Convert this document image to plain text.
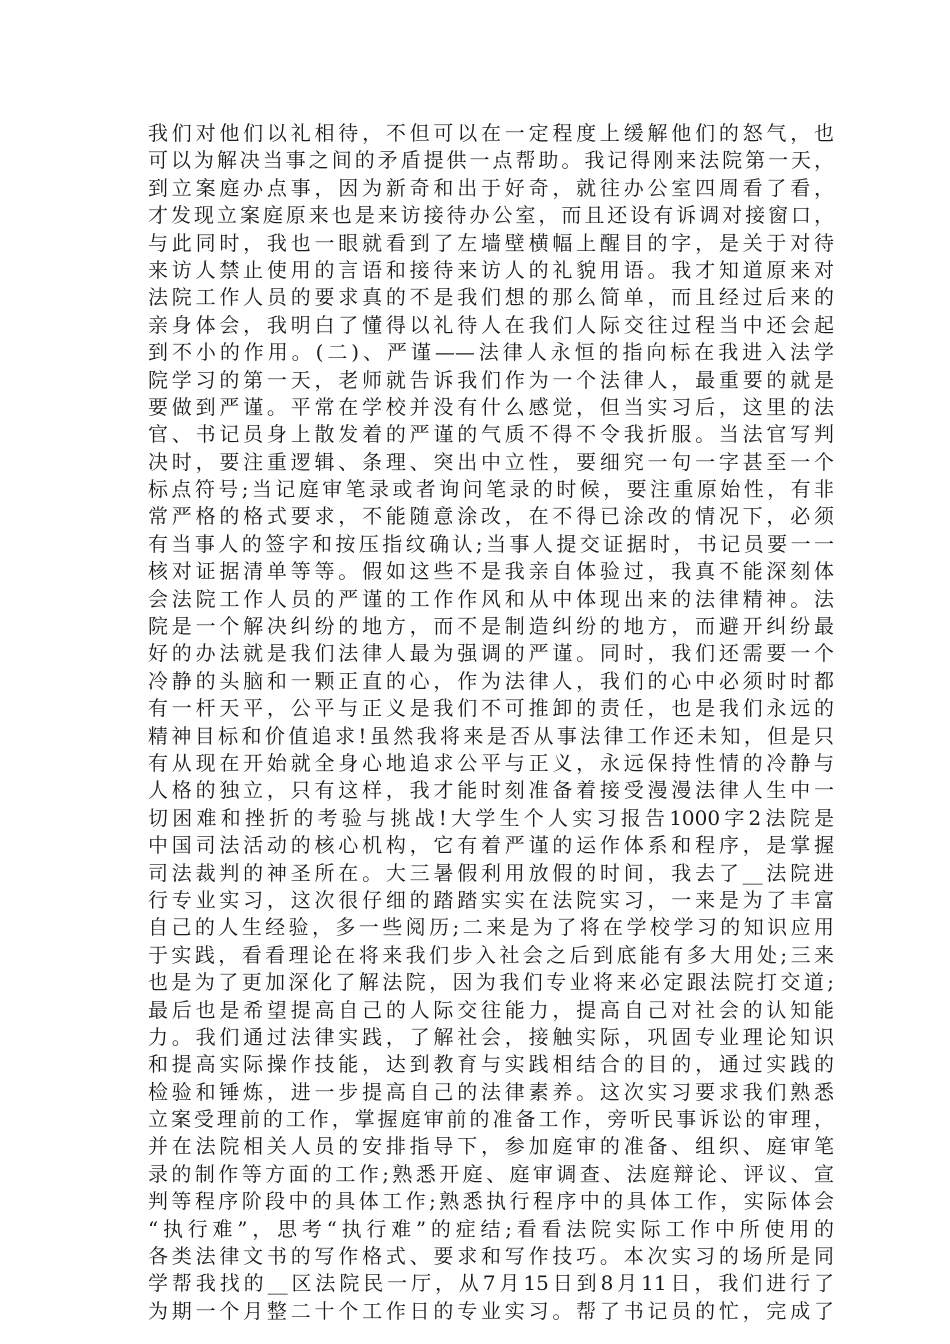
我们对他们以礼相待，不但可以在一定程度上缓解他们的怒气，也
可以为解决当事之间的矛盾提供一点帮助。我记得刚来法院第一天，
到立案庭办点事，因为新奇和出于好奇，就往办公室四周看了看，
才发现立案庭原来也是来访接待办公室，而且还设有诉调对接窗口，
与此同时，我也一眼就看到了左墙壁横幅上醒目的字，是关于对待
来访人禁止使用的言语和接待来访人的礼貌用语。我才知道原来对
法院工作人员的要求真的不是我们想的那么简单，而且经过后来的
亲身体会，我明白了懂得以礼待人在我们人际交往过程当中还会起
到不小的作用。(二)、严谨——法律人永恒的指向标在我进入法学
院学习的第一天，老师就告诉我们作为一个法律人，最重要的就是
要做到严谨。平常在学校并没有什么感觉，但当实习后，这里的法
官、书记员身上散发着的严谨的气质不得不令我折服。当法官写判
决时，要注重逻辑、条理、突出中立性，要细究一句一字甚至一个
标点符号;当记庭审笔录或者询问笔录的时候，要注重原始性，有非
常严格的格式要求，不能随意涂改，在不得已涂改的情况下，必须
有当事人的签字和按压指纹确认;当事人提交证据时，书记员要一一
核对证据清单等等。假如这些不是我亲自体验过，我真不能深刻体
会法院工作人员的严谨的工作作风和从中体现出来的法律精神。法
院是一个解决纠纷的地方，而不是制造纠纷的地方，而避开纠纷最
好的办法就是我们法律人最为强调的严谨。同时，我们还需要一个
冷静的头脑和一颗正直的心，作为法律人，我们的心中必须时时都
有一杆天平，公平与正义是我们不可推卸的责任，也是我们永远的
精神目标和价值追求!虽然我将来是否从事法律工作还未知，但是只
有从现在开始就全身心地追求公平与正义，永远保持性情的冷静与
人格的独立，只有这样，我才能时刻准备着接受漫漫法律人生中一
切困难和挫折的考验与挑战!大学生个人实习报告1000字2法院是
中国司法活动的核心机构，它有着严谨的运作体系和程序，是掌握
司法裁判的神圣所在。大三暑假利用放假的时间，我去了__法院进
行专业实习，这次很仔细的踏踏实实在法院实习，一来是为了丰富
自己的人生经验，多一些阅历;二来是为了将在学校学习的知识应用
于实践，看看理论在将来我们步入社会之后到底能有多大用处;三来
也是为了更加深化了解法院，因为我们专业将来必定跟法院打交道;
最后也是希望提高自己的人际交往能力，提高自己对社会的认知能
力。我们通过法律实践，了解社会，接触实际，巩固专业理论知识
和提高实际操作技能，达到教育与实践相结合的目的，通过实践的
检验和锤炼，进一步提高自己的法律素养。这次实习要求我们熟悉
立案受理前的工作，掌握庭审前的准备工作，旁听民事诉讼的审理，
并在法院相关人员的安排指导下，参加庭审的准备、组织、庭审笔
录的制作等方面的工作;熟悉开庭、庭审调查、法庭辩论、评议、宣
判等程序阶段中的具体工作;熟悉执行程序中的具体工作，实际体会
“执行难”，思考“执行难”的症结;看看法院实际工作中所使用的
各类法律文书的写作格式、要求和写作技巧。本次实习的场所是同
学帮我找的__区法院民一厅，从7月15日到8月11日，我们进行了
为期一个月整二十个工作日的专业实习。帮了书记员的忙，完成了
